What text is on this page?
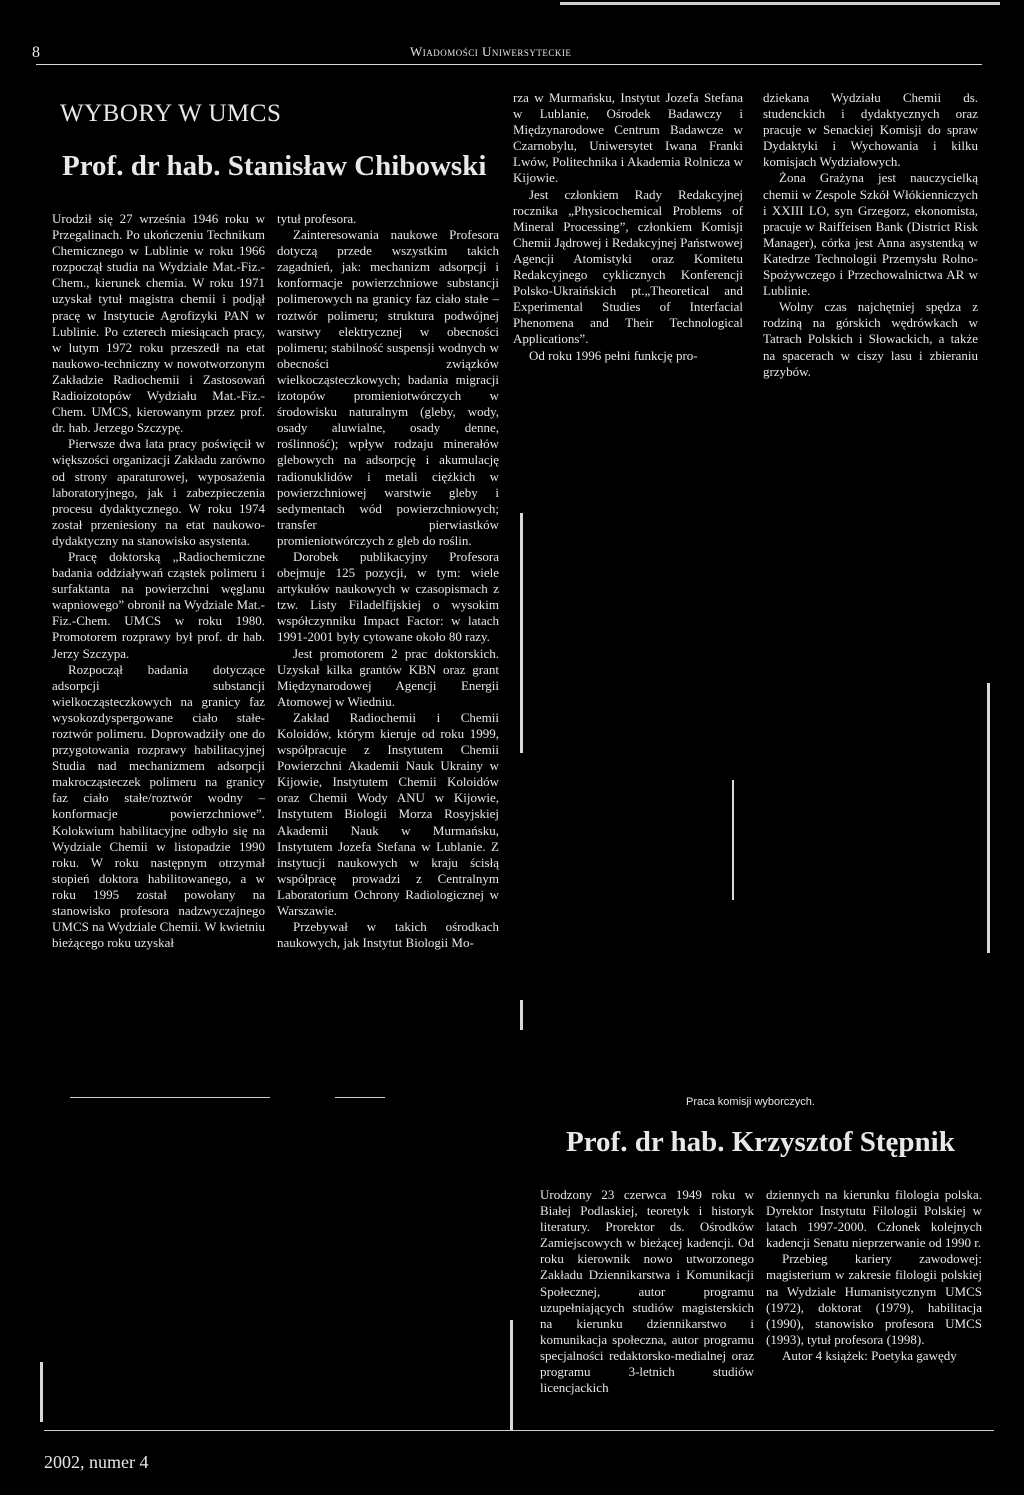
8	Wiadomości Uniwersyteckie
WYBORY W UMCS
Prof. dr hab. Stanisław Chibowski

Urodził się 27 września 1946 roku w Przegalinach. Po ukończeniu Technikum Chemicznego w Lublinie w roku 1966 rozpoczął studia na Wydziale Mat.-Fiz.-Chem., kierunek chemia. W roku 1971 uzyskał tytuł magistra chemii i podjął pracę w Instytucie Agrofizyki PAN w Lublinie. Po czterech miesiącach pracy, w lutym 1972 roku przeszedł na etat naukowo-techniczny w nowotworzonym Zakładzie Radiochemii i Zastosowań Radioizotopów Wydziału Mat.-Fiz.-Chem. UMCS, kierowanym przez prof. dr. hab. Jerzego Szczypę.

Pierwsze dwa lata pracy poświęcił w większości organizacji Zakładu zarówno od strony aparaturowej, wyposażenia laboratoryjnego, jak i zabezpieczenia procesu dydaktycznego. W roku 1974 został przeniesiony na etat naukowo-dydaktyczny na stanowisko asystenta.

Pracę doktorską „Radiochemiczne badania oddziaływań cząstek polimeru i surfaktanta na powierzchni węglanu wapniowego” obronił na Wydziale Mat.-Fiz.-Chem. UMCS w roku 1980. Promotorem rozprawy był prof. dr hab. Jerzy Szczypa.

Rozpoczął badania dotyczące adsorpcji substancji wielkocząsteczkowych na granicy faz wysokozdyspergowane ciało stałe-roztwór polimeru. Doprowadziły one do przygotowania rozprawy habilitacyjnej Studia nad mechanizmem adsorpcji makrocząsteczek polimeru na granicy faz ciało stałe/roztwór wodny – konformacje powierzchniowe”. Kolokwium habilitacyjne odbyło się na Wydziale Chemii w listopadzie 1990 roku. W roku następnym otrzymał stopień doktora habilitowanego, a w roku 1995 został powołany na stanowisko profesora nadzwyczajnego UMCS na Wydziale Chemii. W kwietniu bieżącego roku uzyskał

tytuł profesora.

Zainteresowania naukowe Profesora dotyczą przede wszystkim takich zagadnień, jak: mechanizm adsorpcji i konformacje powierzchniowe substancji polimerowych na granicy faz ciało stałe – roztwór polimeru; struktura podwójnej warstwy elektrycznej w obecności polimeru; stabilność suspensji wodnych w obecności związków wielkocząsteczkowych; badania migracji izotopów promieniotwórczych w środowisku naturalnym (gleby, wody, osady aluwialne, osady denne, roślinność); wpływ rodzaju minerałów glebowych na adsorpcję i akumulację radionuklidów i metali ciężkich w powierzchniowej warstwie gleby i sedymentach wód powierzchniowych; transfer pierwiastków promieniotwórczych z gleb do roślin.

Dorobek publikacyjny Profesora obejmuje 125 pozycji, w tym: wiele artykułów naukowych w czasopismach z tzw. Listy Filadelfijskiej o wysokim współczynniku Impact Factor: w latach 1991-2001 były cytowane około 80 razy.

Jest promotorem 2 prac doktorskich. Uzyskał kilka grantów KBN oraz grant Międzynarodowej Agencji Energii Atomowej w Wiedniu.

Zakład Radiochemii i Chemii Koloidów, którym kieruje od roku 1999, współpracuje z Instytutem Chemii Powierzchni Akademii Nauk Ukrainy w Kijowie, Instytutem Chemii Koloidów oraz Chemii Wody ANU w Kijowie, Instytutem Biologii Morza Rosyjskiej Akademii Nauk w Murmańsku, Instytutem Jozefa Stefana w Lublanie. Z instytucji naukowych w kraju ścisłą współpracę prowadzi z Centralnym Laboratorium Ochrony Radiologicznej w Warszawie.

Przebywał w takich ośrodkach naukowych, jak Instytut Biologii Mo-

rza w Murmańsku, Instytut Jozefa Stefana w Lublanie, Ośrodek Badawczy i Międzynarodowe Centrum Badawcze w Czarnobylu, Uniwersytet Iwana Franki Lwów, Politechnika i Akademia Rolnicza w Kijowie.

Jest członkiem Rady Redakcyjnej rocznika „Physicochemical Problems of Mineral Processing”, członkiem Komisji Chemii Jądrowej i Redakcyjnej Państwowej Agencji Atomistyki oraz Komitetu Redakcyjnego cyklicznych Konferencji Polsko-Ukraińskich pt.„Theoretical and Experimental Studies of Interfacial Phenomena and Their Technological Applications”.

Od roku 1996 pełni funkcję pro-

dziekana Wydziału Chemii ds. studenckich i dydaktycznych oraz pracuje w Senackiej Komisji do spraw Dydaktyki i Wychowania i kilku komisjach Wydziałowych.

Żona Grażyna jest nauczycielką chemii w Zespole Szkół Włókienniczych i XXIII LO, syn Grzegorz, ekonomista, pracuje w Raiffeisen Bank (District Risk Manager), córka jest Anna asystentką w Katedrze Technologii Przemysłu Rolno-Spożywczego i Przechowalnictwa AR w Lublinie.

Wolny czas najchętniej spędza z rodziną na górskich wędrówkach w Tatrach Polskich i Słowackich, a także na spacerach w ciszy lasu i zbieraniu grzybów.

Praca komisji wyborczych.
Prof. dr hab. Krzysztof Stępnik

Urodzony 23 czerwca 1949 roku w Białej Podlaskiej, teoretyk i historyk literatury. Prorektor ds. Ośrodków Zamiejscowych w bieżącej kadencji. Od roku kierownik nowo utworzonego Zakładu Dziennikarstwa i Komunikacji Społecznej, autor programu uzupełniających studiów magisterskich na kierunku dziennikarstwo i komunikacja społeczna, autor programu specjalności redaktorsko-medialnej oraz programu 3-letnich studiów licencjackich

dziennych na kierunku filologia polska. Dyrektor Instytutu Filologii Polskiej w latach 1997-2000. Członek kolejnych kadencji Senatu nieprzerwanie od 1990 r.

Przebieg kariery zawodowej: magisterium w zakresie filologii polskiej na Wydziale Humanistycznym UMCS (1972), doktorat (1979), habilitacja (1990), stanowisko profesora UMCS (1993), tytuł profesora (1998).

Autor 4 książek: Poetyka gawędy

2002, numer 4
